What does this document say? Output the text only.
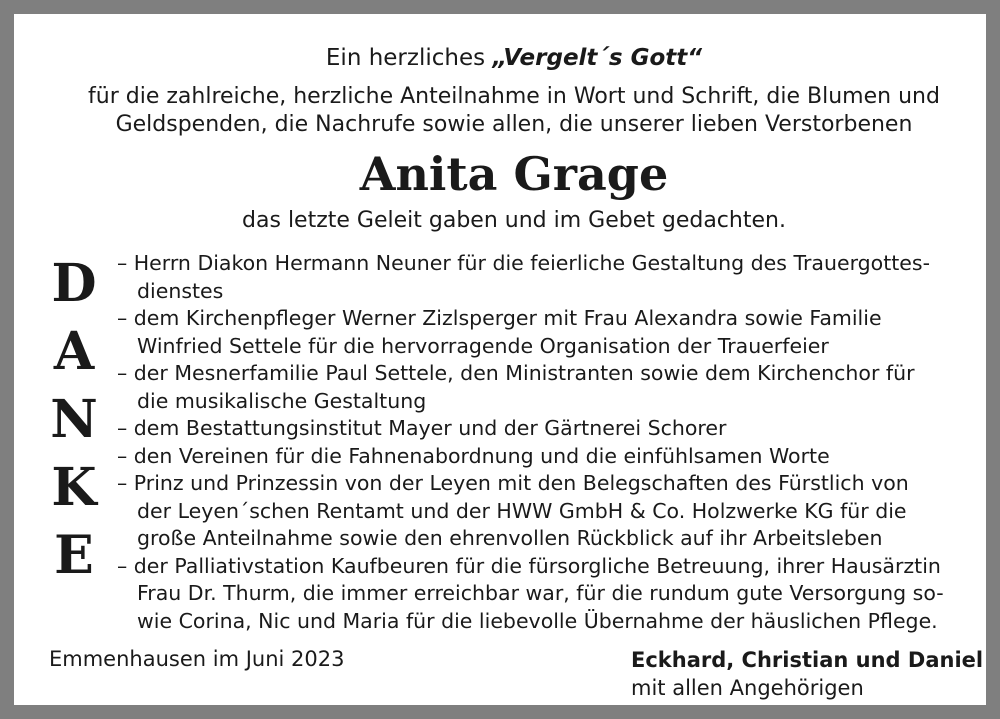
Ein herzliches „Vergelt´s Gott“
für die zahlreiche, herzliche Anteilnahme in Wort und Schrift, die Blumen und
Geldspenden, die Nachrufe sowie allen, die unserer lieben Verstorbenen
Anita Grage
das letzte Geleit gaben und im Gebet gedachten.
D
A
N
K
E
– Herrn Diakon Hermann Neuner für die feierliche Gestaltung des Trauergottes-
dienstes
– dem Kirchenpfleger Werner Zizlsperger mit Frau Alexandra sowie Familie
Winfried Settele für die hervorragende Organisation der Trauerfeier
– der Mesnerfamilie Paul Settele, den Ministranten sowie dem Kirchenchor für
die musikalische Gestaltung
– dem Bestattungsinstitut Mayer und der Gärtnerei Schorer
– den Vereinen für die Fahnenabordnung und die einfühlsamen Worte
– Prinz und Prinzessin von der Leyen mit den Belegschaften des Fürstlich von
der Leyen´schen Rentamt und der HWW GmbH & Co. Holzwerke KG für die
große Anteilnahme sowie den ehrenvollen Rückblick auf ihr Arbeitsleben
– der Palliativstation Kaufbeuren für die fürsorgliche Betreuung, ihrer Hausärztin
Frau Dr. Thurm, die immer erreichbar war, für die rundum gute Versorgung so-
wie Corina, Nic und Maria für die liebevolle Übernahme der häuslichen Pflege.
Emmenhausen im Juni 2023	Eckhard, Christian und Daniel
mit allen Angehörigen
